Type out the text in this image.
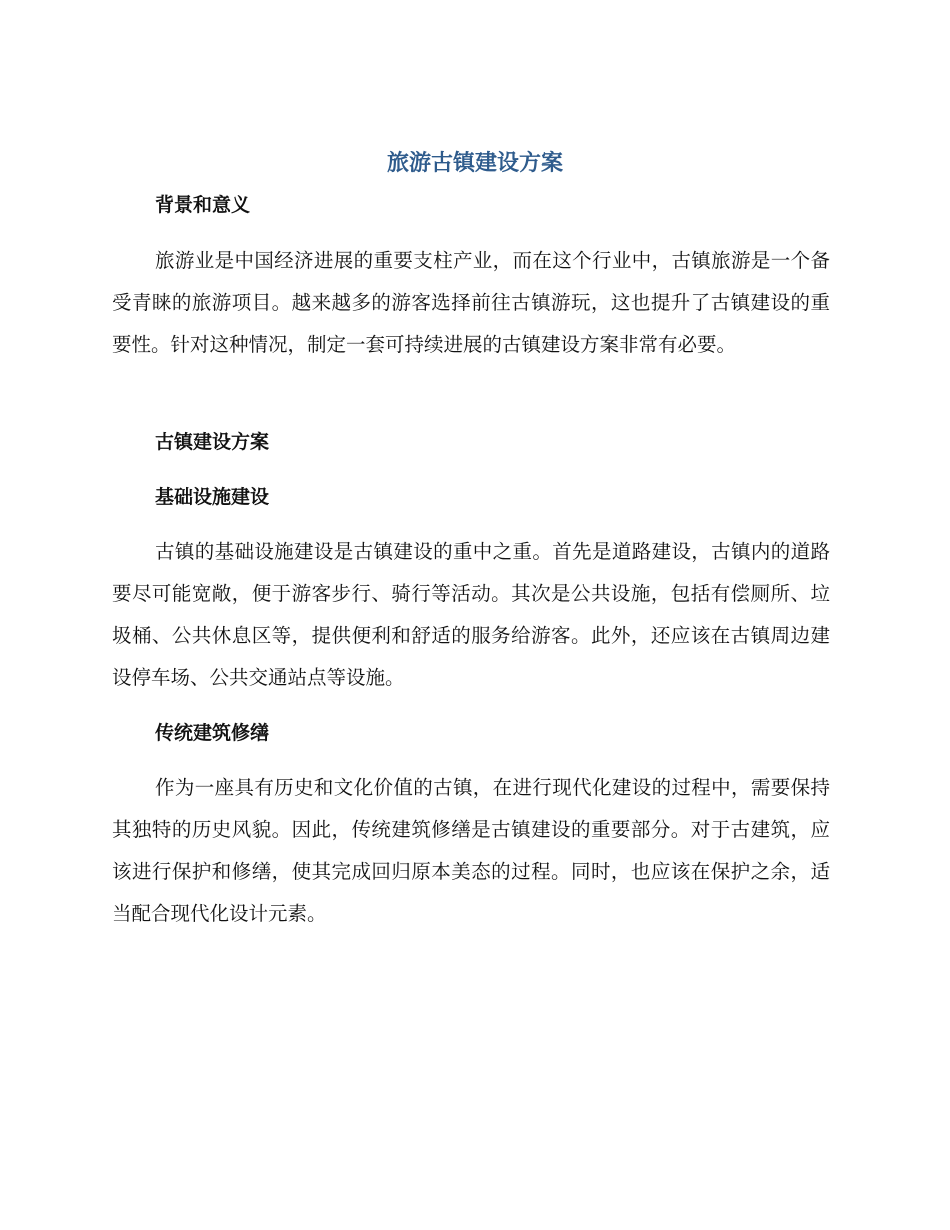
旅游古镇建设方案
背景和意义

旅游业是中国经济进展的重要支柱产业，而在这个行业中，古镇旅游是一个备受青睐的旅游项目。越来越多的游客选择前往古镇游玩，这也提升了古镇建设的重要性。针对这种情况，制定一套可持续进展的古镇建设方案非常有必要。

古镇建设方案
基础设施建设

古镇的基础设施建设是古镇建设的重中之重。首先是道路建设，古镇内的道路要尽可能宽敞，便于游客步行、骑行等活动。其次是公共设施，包括有偿厕所、垃圾桶、公共休息区等，提供便利和舒适的服务给游客。此外，还应该在古镇周边建设停车场、公共交通站点等设施。

传统建筑修缮

作为一座具有历史和文化价值的古镇，在进行现代化建设的过程中，需要保持其独特的历史风貌。因此，传统建筑修缮是古镇建设的重要部分。对于古建筑，应该进行保护和修缮，使其完成回归原本美态的过程。同时，也应该在保护之余，适当配合现代化设计元素。
